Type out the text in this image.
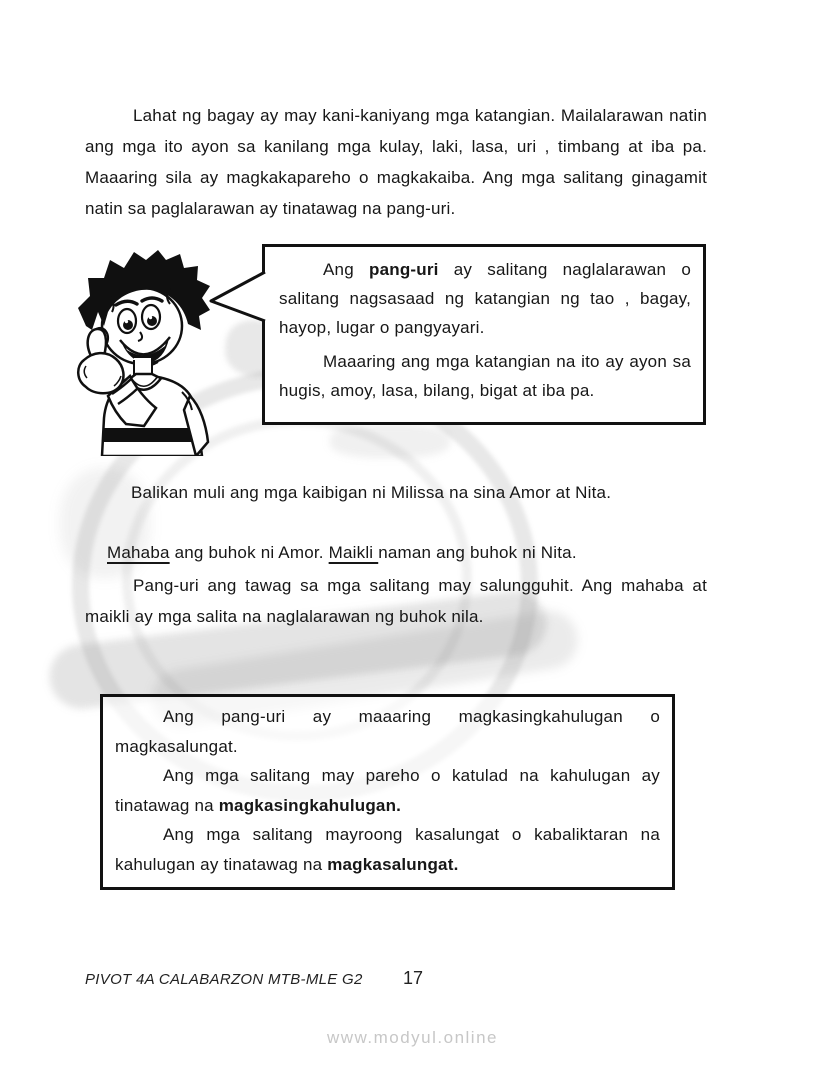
Lahat ng bagay ay may kani-kaniyang mga katangian. Mailalarawan natin ang mga ito ayon sa kanilang mga kulay, laki, lasa, uri , timbang at iba pa. Maaaring sila ay magkakapareho o magkakaiba. Ang mga salitang ginagamit natin sa paglalarawan ay tinatawag na pang-uri.

Ang pang-uri ay salitang naglalarawan o salitang nagsasaad ng katangian ng tao , bagay, hayop, lugar o pangyayari.

Maaaring ang mga katangian na ito ay ayon sa hugis, amoy, lasa, bilang, bigat at iba pa.

Balikan muli ang mga kaibigan ni Milissa na sina Amor at Nita.

Mahaba ang buhok ni Amor. Maikli naman ang buhok ni Nita.

Pang-uri ang tawag sa mga salitang may salungguhit. Ang mahaba at maikli ay mga salita na naglalarawan ng buhok nila.

Ang pang-uri ay maaaring magkasingkahulugan o magkasalungat.

Ang mga salitang may pareho o katulad na kahulugan ay tinatawag na magkasingkahulugan.

Ang mga salitang mayroong kasalungat o kabaliktaran na kahulugan ay tinatawag na magkasalungat.

PIVOT 4A CALABARZON MTB-MLE G2 17
www.modyul.online
